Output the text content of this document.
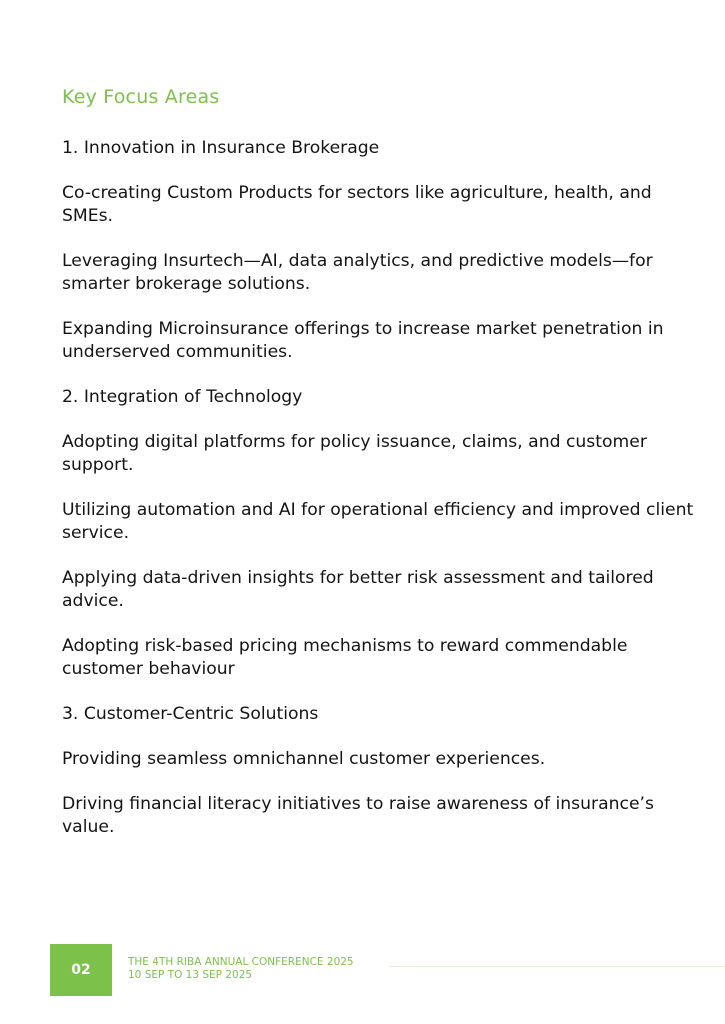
Key Focus Areas

1. Innovation in Insurance Brokerage

Co-creating Custom Products for sectors like agriculture, health, and SMEs.

Leveraging Insurtech—AI, data analytics, and predictive models—for smarter brokerage solutions.

Expanding Microinsurance offerings to increase market penetration in underserved communities.

2. Integration of Technology

Adopting digital platforms for policy issuance, claims, and customer support.

Utilizing automation and AI for operational efficiency and improved client service.

Applying data-driven insights for better risk assessment and tailored advice.

Adopting risk-based pricing mechanisms to reward commendable customer behaviour

3. Customer-Centric Solutions

Providing seamless omnichannel customer experiences.

Driving financial literacy initiatives to raise awareness of insurance’s value.

02	THE 4TH RIBA ANNUAL CONFERENCE 2025
10 SEP TO 13 SEP 2025
